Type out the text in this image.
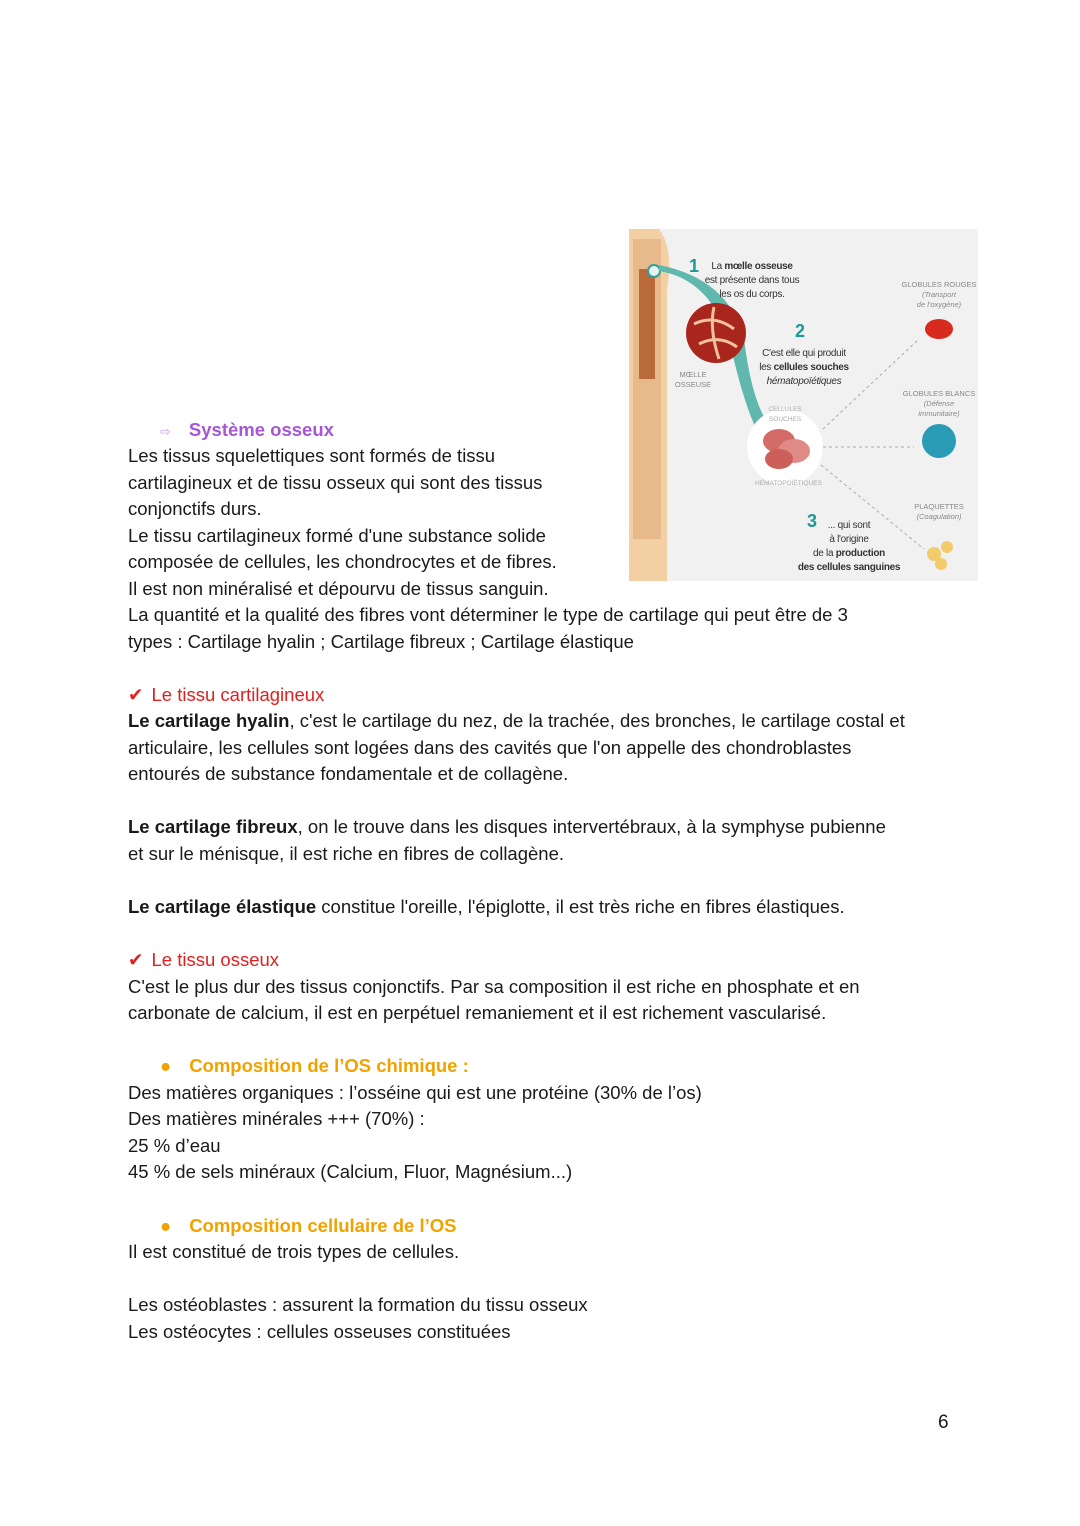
⇨ Système osseux
Les tissus squelettiques sont formés de tissu
cartilagineux et de tissu osseux qui sont des tissus
conjonctifs durs.
Le tissu cartilagineux formé d'une substance solide
composée de cellules, les chondrocytes et de fibres.
Il est non minéralisé et dépourvu de tissus sanguin.
La quantité et la qualité des fibres vont déterminer le type de cartilage qui peut être de 3
types : Cartilage hyalin ; Cartilage fibreux ; Cartilage élastique
1	La mœlle osseuse
est présente dans tous
les os du corps.
2
C'est elle qui produit
les cellules souches
hématopoïétiques
MŒLLE
OSSEUSE
CELLULES SOUCHES
HÉMATOPOÏÉTIQUES
3	... qui sont
à l'origine
de la production
des cellules sanguines
GLOBULES ROUGES
(Transport
de l'oxygène)
GLOBULES BLANCS
(Défense
immunitaire)
PLAQUETTES
(Coagulation)
✔ Le tissu cartilagineux
Le cartilage hyalin, c'est le cartilage du nez, de la trachée, des bronches, le cartilage costal et
articulaire, les cellules sont logées dans des cavités que l'on appelle des chondroblastes
entourés de substance fondamentale et de collagène.
Le cartilage fibreux, on le trouve dans les disques intervertébraux, à la symphyse pubienne
et sur le ménisque, il est riche en fibres de collagène.
Le cartilage élastique constitue l'oreille, l'épiglotte, il est très riche en fibres élastiques.
✔ Le tissu osseux
C'est le plus dur des tissus conjonctifs. Par sa composition il est riche en phosphate et en
carbonate de calcium, il est en perpétuel remaniement et il est richement vascularisé.
● Composition de l’OS chimique :
Des matières organiques : l’osséine qui est une protéine (30% de l’os)
Des matières minérales +++ (70%) :
25 % d’eau
45 % de sels minéraux (Calcium, Fluor, Magnésium...)
● Composition cellulaire de l’OS
Il est constitué de trois types de cellules.
Les ostéoblastes : assurent la formation du tissu osseux
Les ostéocytes : cellules osseuses constituées
6
